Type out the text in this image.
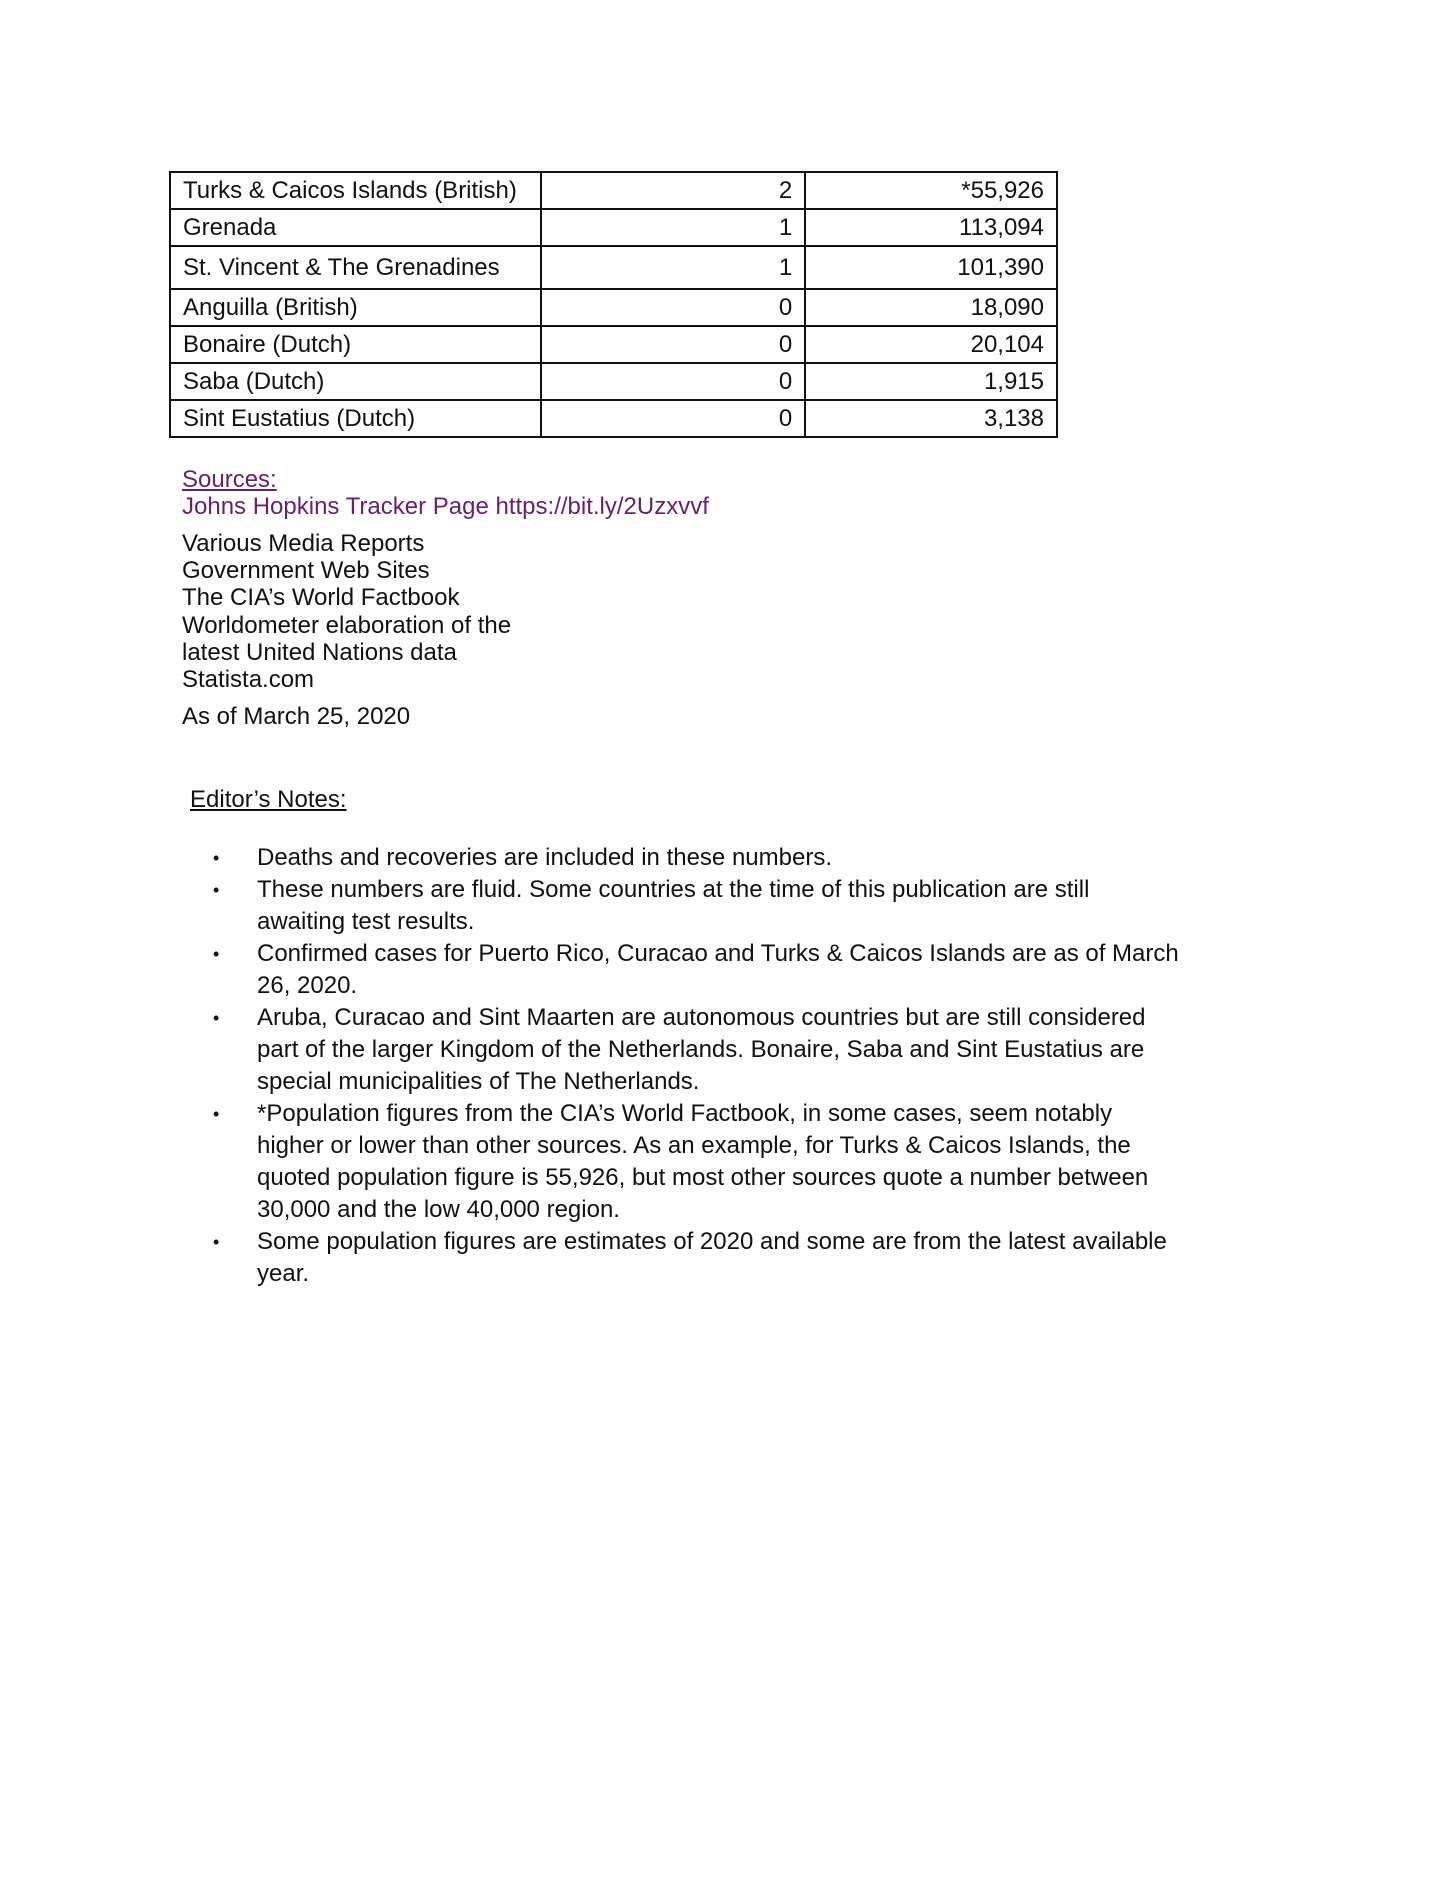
Turks & Caicos Islands (British)	2	*55,926
Grenada	1	113,094
St. Vincent & The Grenadines	1	101,390
Anguilla (British)	0	18,090
Bonaire (Dutch)	0	20,104
Saba (Dutch)	0	1,915
Sint Eustatius (Dutch)	0	3,138
Sources:
Johns Hopkins Tracker Page https://bit.ly/2Uzxvvf
Various Media Reports
Government Web Sites
The CIA’s World Factbook
Worldometer elaboration of the
latest United Nations data
Statista.com
As of March 25, 2020
Editor’s Notes:
• Deaths and recoveries are included in these numbers.
• These numbers are fluid. Some countries at the time of this publication are still awaiting test results.
• Confirmed cases for Puerto Rico, Curacao and Turks & Caicos Islands are as of March 26, 2020.
• Aruba, Curacao and Sint Maarten are autonomous countries but are still considered part of the larger Kingdom of the Netherlands. Bonaire, Saba and Sint Eustatius are special municipalities of The Netherlands.
• *Population figures from the CIA’s World Factbook, in some cases, seem notably higher or lower than other sources. As an example, for Turks & Caicos Islands, the quoted population figure is 55,926, but most other sources quote a number between 30,000 and the low 40,000 region.
• Some population figures are estimates of 2020 and some are from the latest available year.
